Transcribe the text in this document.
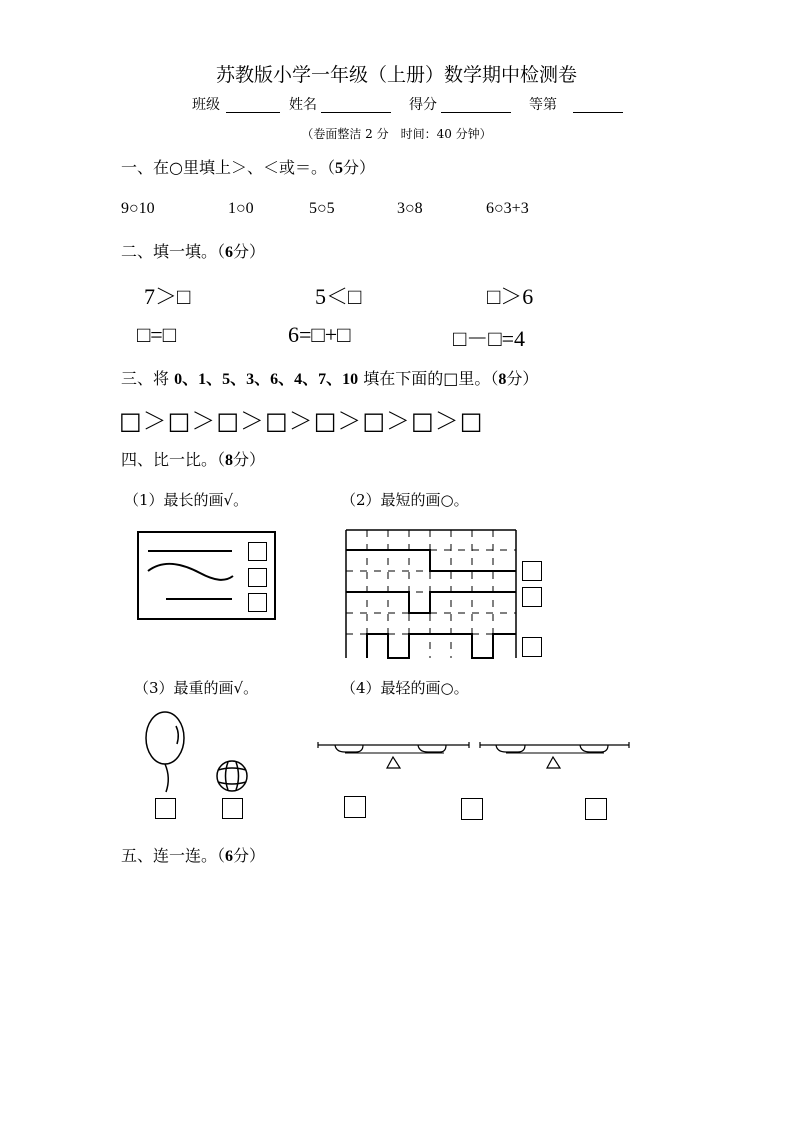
苏教版小学一年级（上册）数学期中检测卷
班级	姓名	得分	等第
（卷面整洁 2 分　时间：40 分钟）
一、在○里填上＞、＜或＝。（5分）
9○10	1○0	5○5	3○8	6○3+3
二、填一填。（6分）
7＞□	5＜□	□＞6
□=□	6=□+□	□－□=4
三、将 0、1、5、3、6、4、7、10 填在下面的□里。（8分）
□＞□＞□＞□＞□＞□＞□＞□
四、比一比。（8分）
（1）最长的画√。	（2）最短的画○。
（3）最重的画√。	（4）最轻的画○。
五、连一连。（6分）
